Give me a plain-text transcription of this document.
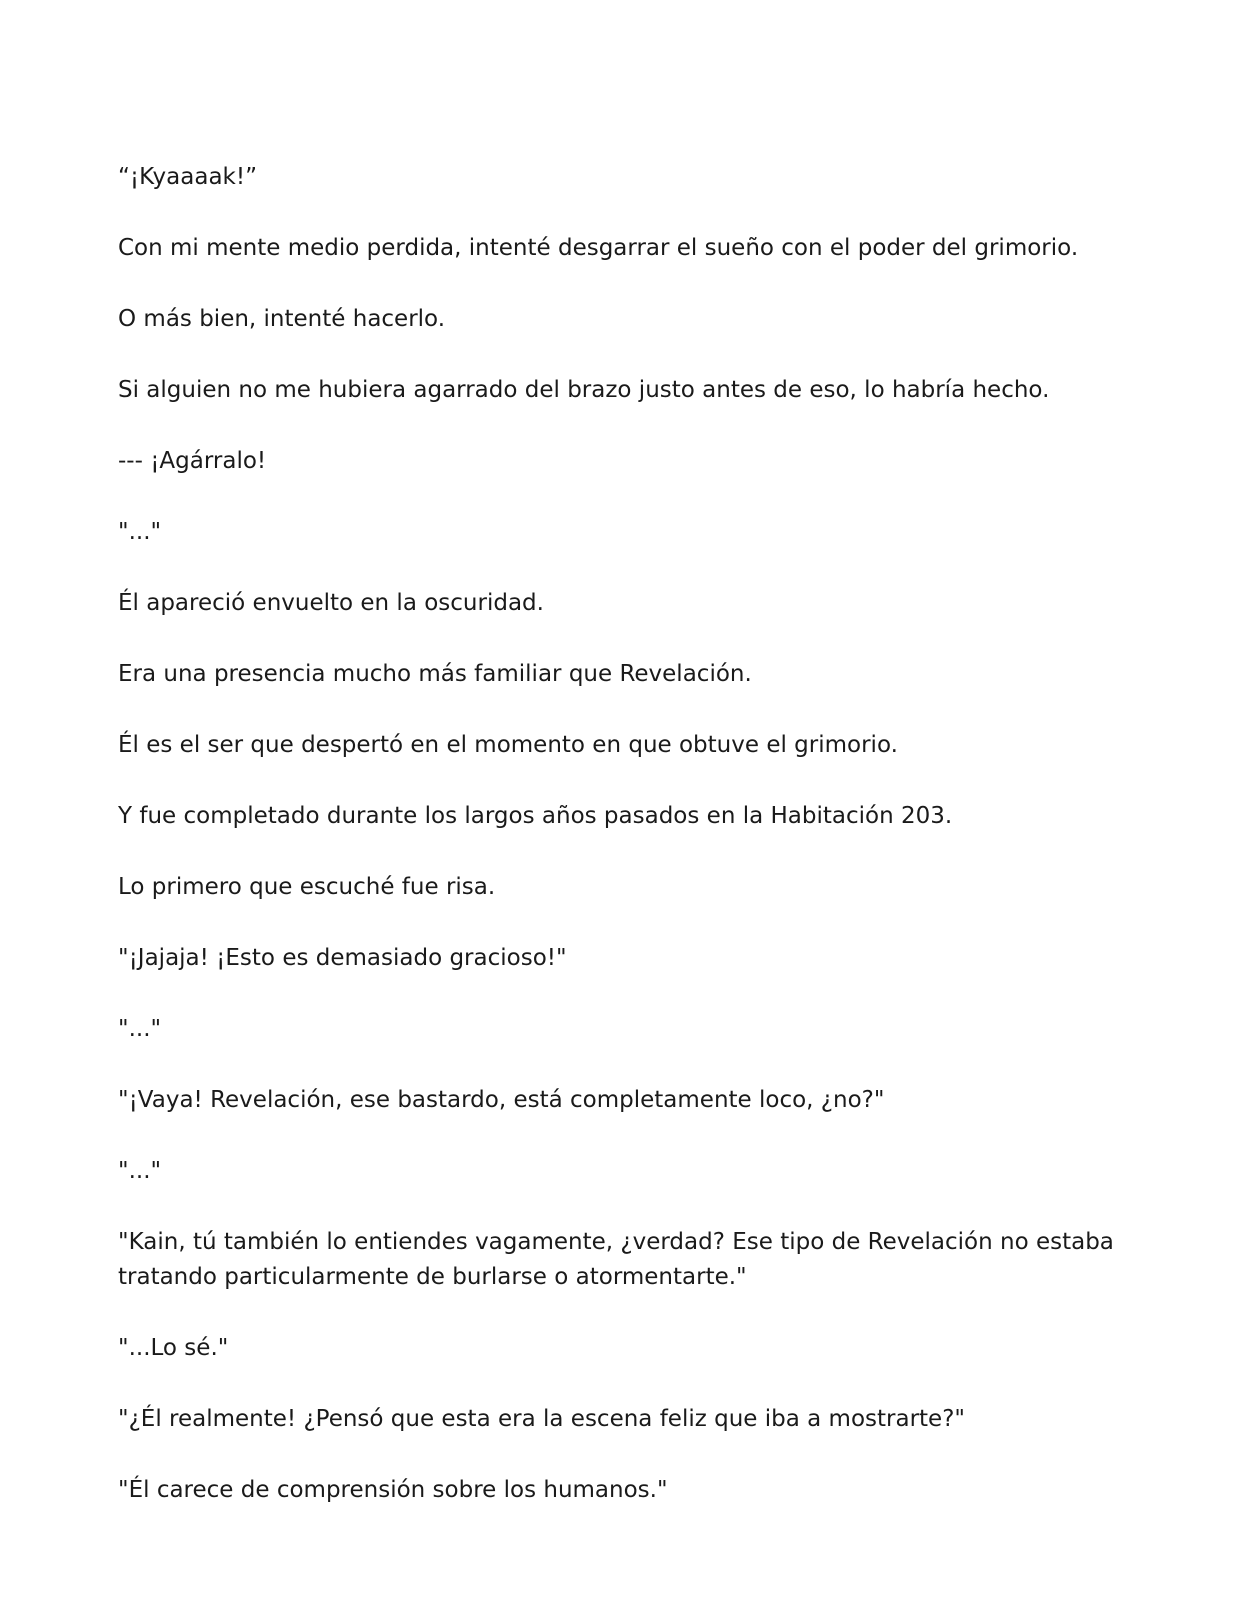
“¡Kyaaaak!”

Con mi mente medio perdida, intenté desgarrar el sueño con el poder del grimorio.

O más bien, intenté hacerlo.

Si alguien no me hubiera agarrado del brazo justo antes de eso, lo habría hecho.

--- ¡Agárralo!

"..."

Él apareció envuelto en la oscuridad.

Era una presencia mucho más familiar que Revelación.

Él es el ser que despertó en el momento en que obtuve el grimorio.

Y fue completado durante los largos años pasados en la Habitación 203.

Lo primero que escuché fue risa.

"¡Jajaja! ¡Esto es demasiado gracioso!"

"..."

"¡Vaya! Revelación, ese bastardo, está completamente loco, ¿no?"

"..."

"Kain, tú también lo entiendes vagamente, ¿verdad? Ese tipo de Revelación no estaba tratando particularmente de burlarse o atormentarte."

"...Lo sé."

"¿Él realmente! ¿Pensó que esta era la escena feliz que iba a mostrarte?"

"Él carece de comprensión sobre los humanos."
